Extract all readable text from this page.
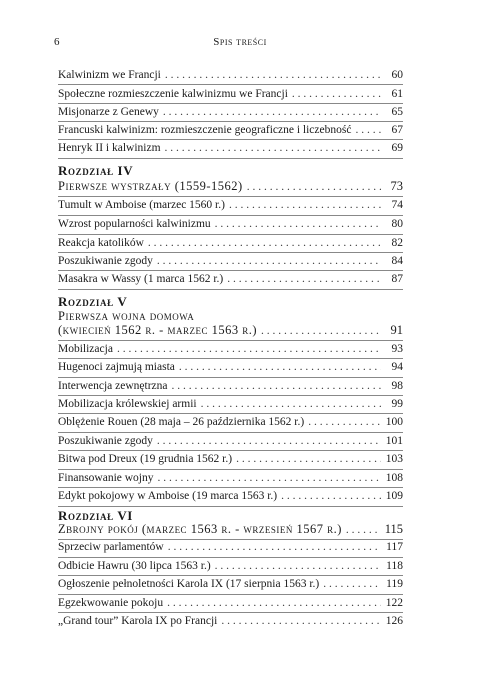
6	Spis treści
Kalwinizm we Francji . . .	60
Społeczne rozmieszczenie kalwinizmu we Francji . . .	61
Misjonarze z Genewy . . .	65
Francuski kalwinizm: rozmieszczenie geograficzne i liczebność . . .	67
Henryk II i kalwinizm . . .	69
Rozdział IV
Pierwsze wystrzały (1559-1562) . . .	73
Tumult w Amboise (marzec 1560 r.) . . .	74
Wzrost popularności kalwinizmu . . .	80
Reakcja katolików . . .	82
Poszukiwanie zgody . . .	84
Masakra w Wassy (1 marca 1562 r.) . . .	87
Rozdział V
Pierwsza wojna domowa
(kwiecień 1562 r. - marzec 1563 r.) . . .	91
Mobilizacja . . .	93
Hugenoci zajmują miasta . . .	94
Interwencja zewnętrzna . . .	98
Mobilizacja królewskiej armii . . .	99
Oblężenie Rouen (28 maja – 26 października 1562 r.) . . .	100
Poszukiwanie zgody . . .	101
Bitwa pod Dreux (19 grudnia 1562 r.) . . .	103
Finansowanie wojny . . .	108
Edykt pokojowy w Amboise (19 marca 1563 r.) . . .	109
Rozdział VI
Zbrojny pokój (marzec 1563 r. - wrzesień 1567 r.) . . .	115
Sprzeciw parlamentów . . .	117
Odbicie Hawru (30 lipca 1563 r.) . . .	118
Ogłoszenie pełnoletności Karola IX (17 sierpnia 1563 r.) . . .	119
Egzekwowanie pokoju . . .	122
„Grand tour” Karola IX po Francji . . .	126
